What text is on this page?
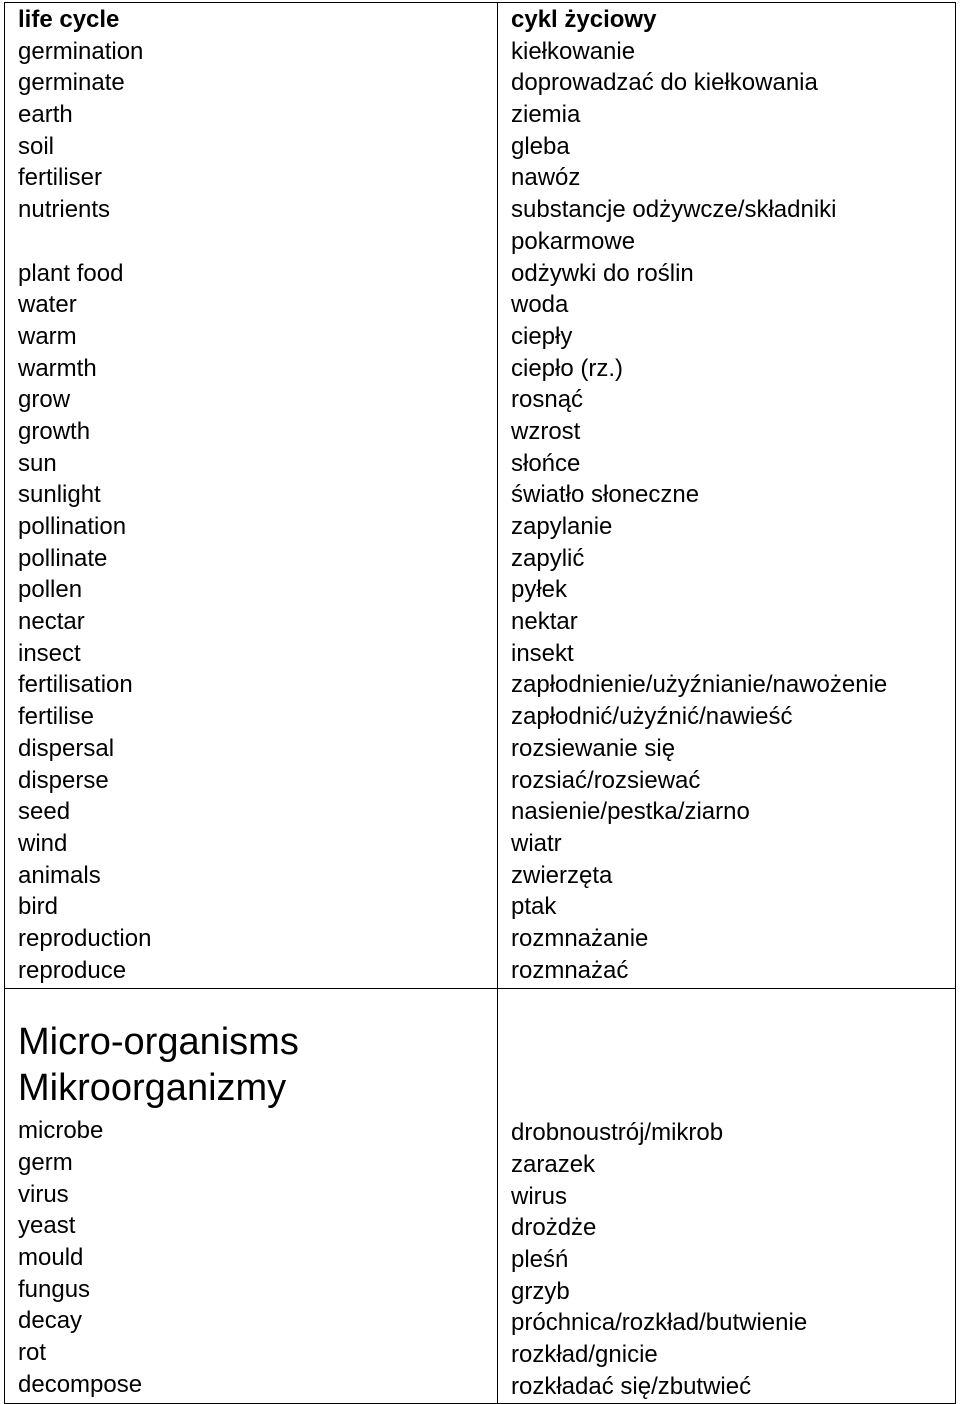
life cycle
germination
germinate
earth
soil
fertiliser
nutrients
plant food
water
warm
warmth
grow
growth
sun
sunlight
pollination
pollinate
pollen
nectar
insect
fertilisation
fertilise
dispersal
disperse
seed
wind
animals
bird
reproduction
reproduce
cykl życiowy
kiełkowanie
doprowadzać do kiełkowania
ziemia
gleba
nawóz
substancje odżywcze/składniki
pokarmowe
odżywki do roślin
woda
ciepły
ciepło (rz.)
rosnąć
wzrost
słońce
światło słoneczne
zapylanie
zapylić
pyłek
nektar
insekt
zapłodnienie/użyźnianie/nawożenie
zapłodnić/użyźnić/nawieść
rozsiewanie się
rozsiać/rozsiewać
nasienie/pestka/ziarno
wiatr
zwierzęta
ptak
rozmnażanie
rozmnażać
Micro-organisms
Mikroorganizmy
microbe
germ
virus
yeast
mould
fungus
decay
rot
decompose
drobnoustrój/mikrob
zarazek
wirus
drożdże
pleśń
grzyb
próchnica/rozkład/butwienie
rozkład/gnicie
rozkładać się/zbutwieć
